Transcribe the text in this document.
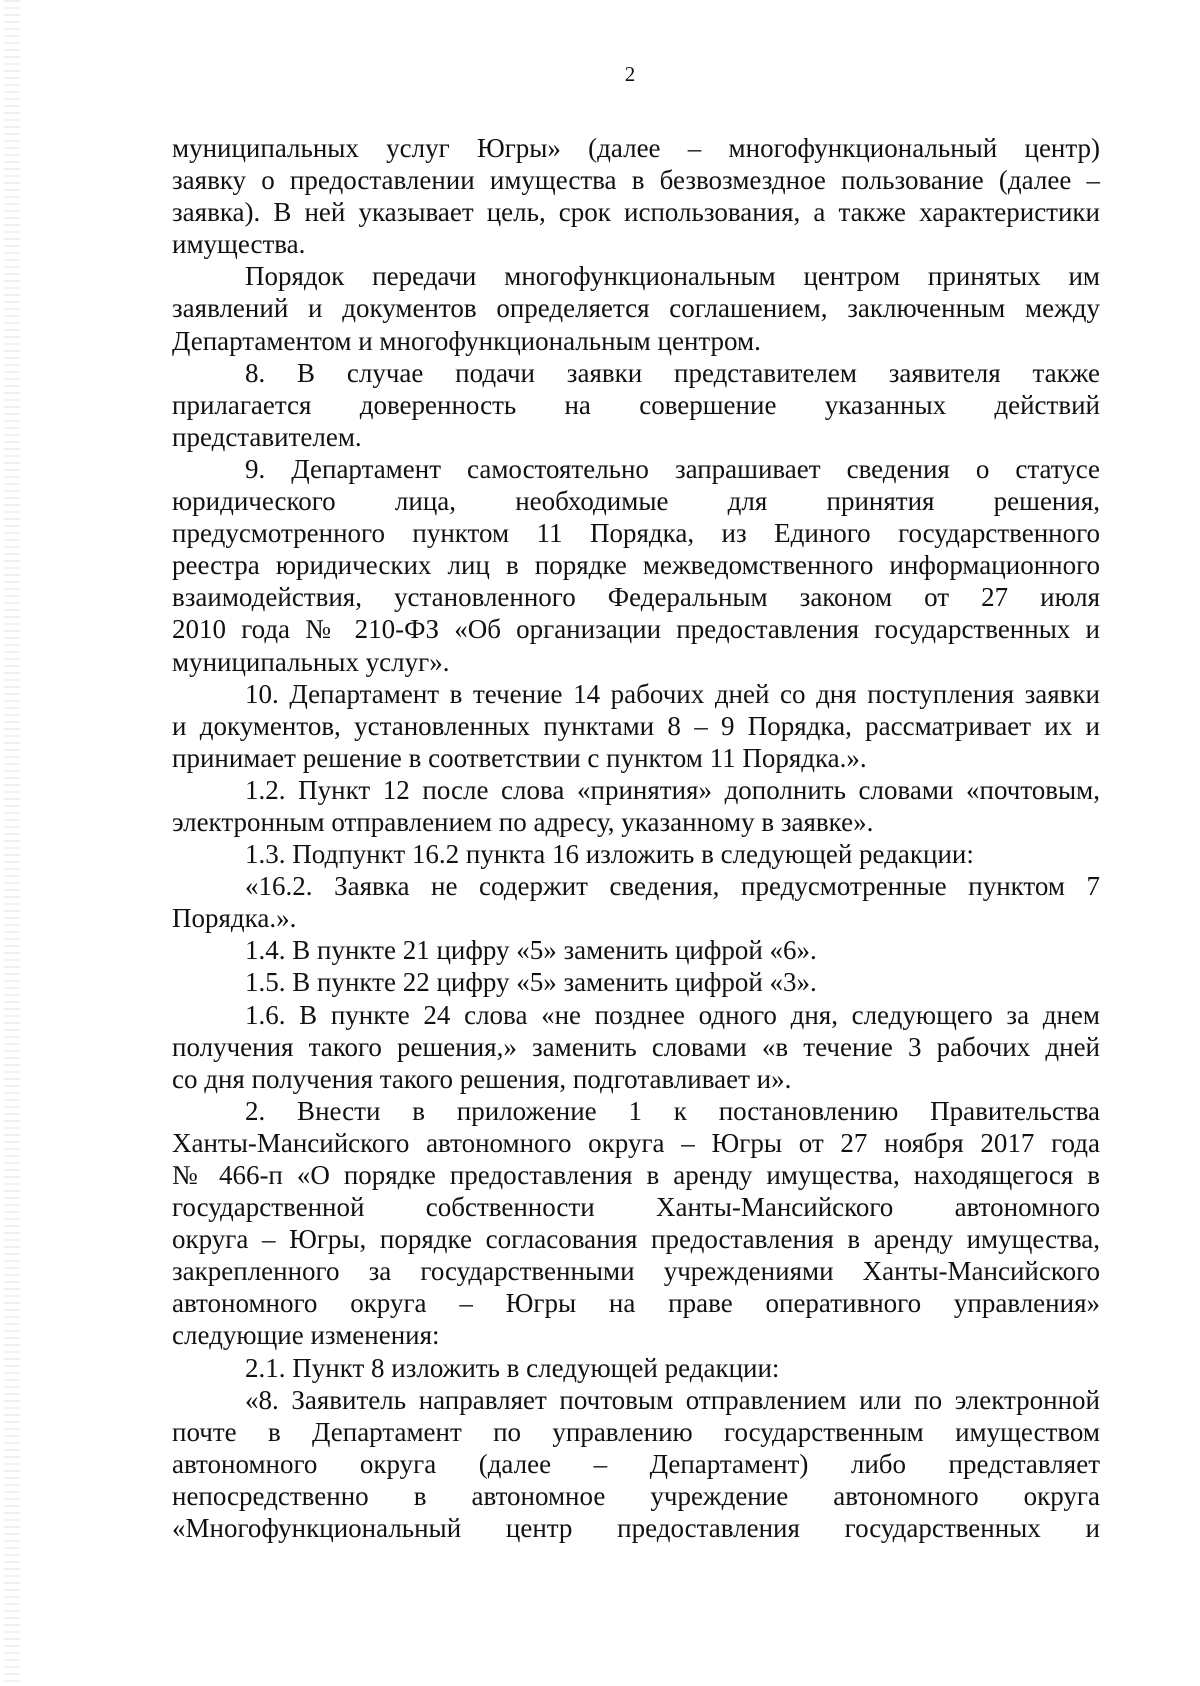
2

муниципальных услуг Югры» (далее – многофункциональный центр)

заявку о предоставлении имущества в безвозмездное пользование (далее –

заявка). В ней указывает цель, срок использования, а также характеристики

имущества.

Порядок передачи многофункциональным центром принятых им

заявлений и документов определяется соглашением, заключенным между

Департаментом и многофункциональным центром.

8. В случае подачи заявки представителем заявителя также

прилагается доверенность на совершение указанных действий

представителем.

9. Департамент самостоятельно запрашивает сведения о статусе

юридического лица, необходимые для принятия решения,

предусмотренного пунктом 11 Порядка, из Единого государственного

реестра юридических лиц в порядке межведомственного информационного

взаимодействия, установленного Федеральным законом от 27 июля

2010 года № 210-ФЗ «Об организации предоставления государственных и

муниципальных услуг».

10. Департамент в течение 14 рабочих дней со дня поступления заявки

и документов, установленных пунктами 8 – 9 Порядка, рассматривает их и

принимает решение в соответствии с пунктом 11 Порядка.».

1.2. Пункт 12 после слова «принятия» дополнить словами «почтовым,

электронным отправлением по адресу, указанному в заявке».

1.3. Подпункт 16.2 пункта 16 изложить в следующей редакции:

«16.2. Заявка не содержит сведения, предусмотренные пунктом 7

Порядка.».

1.4. В пункте 21 цифру «5» заменить цифрой «6».

1.5. В пункте 22 цифру «5» заменить цифрой «3».

1.6. В пункте 24 слова «не позднее одного дня, следующего за днем

получения такого решения,» заменить словами «в течение 3 рабочих дней

со дня получения такого решения, подготавливает и».

2. Внести в приложение 1 к постановлению Правительства

Ханты-Мансийского автономного округа – Югры от 27 ноября 2017 года

№ 466-п «О порядке предоставления в аренду имущества, находящегося в

государственной собственности Ханты-Мансийского автономного

округа – Югры, порядке согласования предоставления в аренду имущества,

закрепленного за государственными учреждениями Ханты-Мансийского

автономного округа – Югры на праве оперативного управления»

следующие изменения:

2.1. Пункт 8 изложить в следующей редакции:

«8. Заявитель направляет почтовым отправлением или по электронной

почте в Департамент по управлению государственным имуществом

автономного округа (далее – Департамент) либо представляет

непосредственно в автономное учреждение автономного округа

«Многофункциональный центр предоставления государственных и
